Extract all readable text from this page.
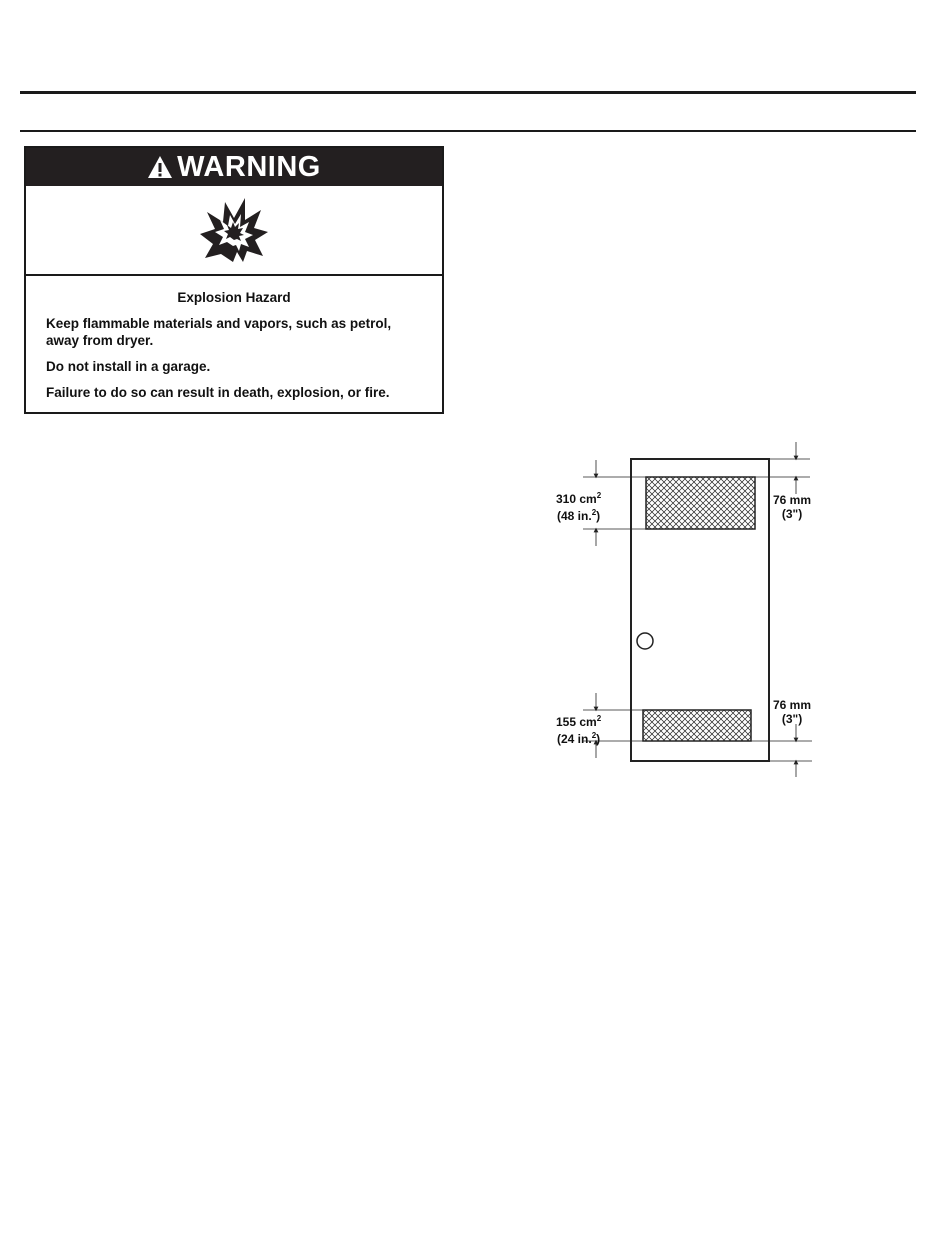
WARNING
Explosion Hazard
Keep flammable materials and vapors, such as petrol, away from dryer.
Do not install in a garage.
Failure to do so can result in death, explosion, or fire.
310 $cm^2$
(48 in.$^2$)
155 $cm^2$
(24 in.$^2$)
76 mm
(3")
76 mm
(3")
